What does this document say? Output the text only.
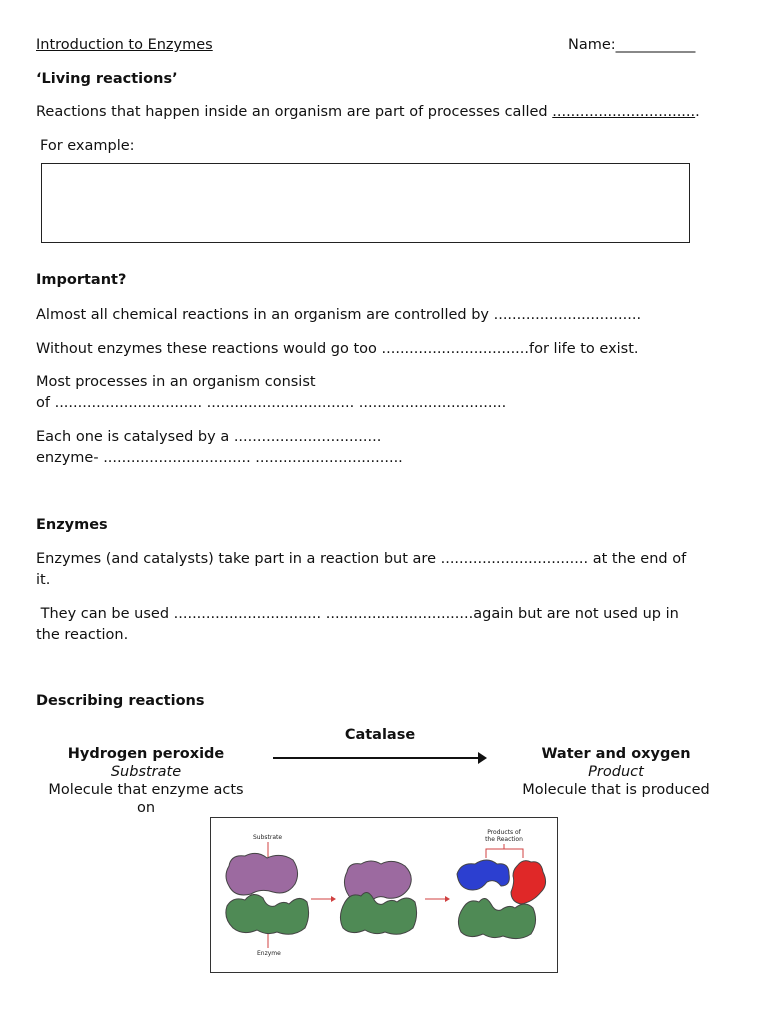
Introduction to Enzymes	Name:___________
‘Living reactions’
Reactions that happen inside an organism are part of processes called ................................
For example:
Important?
Almost all chemical reactions in an organism are controlled by ................................
Without enzymes these reactions would go too ................................for life to exist.
Most processes in an organism consist
of ................................ ................................ ................................
Each one is catalysed by a ................................
enzyme- ................................ ................................
Enzymes
Enzymes (and catalysts) take part in a reaction but are ................................ at the end of
it.
They can be used ................................ ................................again but are not used up in
the reaction.
Describing reactions
Catalase
Hydrogen peroxide
Substrate
Molecule that enzyme acts
on
Water and oxygen
Product
Molecule that is produced
Substrate
Products of
the Reaction
Enzyme
